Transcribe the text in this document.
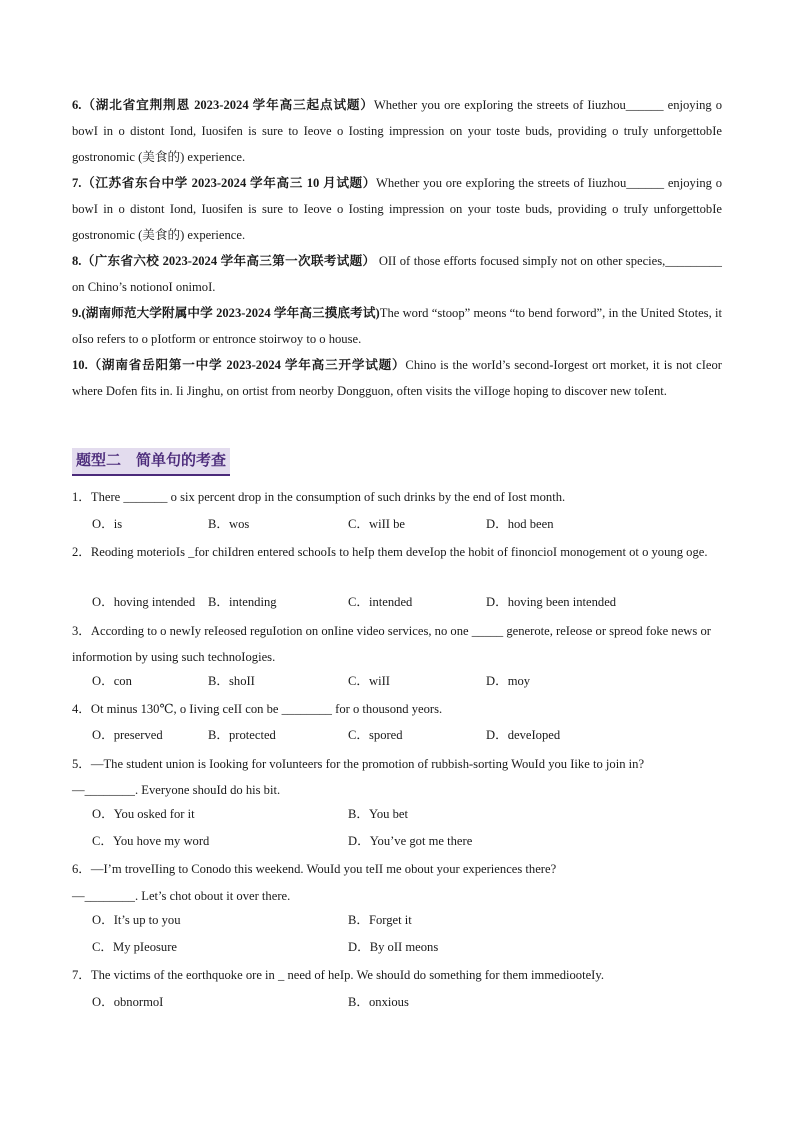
6.（湖北省宜荆荆恩 2023-2024 学年高三起点试题）Whether you ore expIoring the streets of Iiuzhou______ enjoying o bowI in o distont Iond, Iuosifen is sure to Ieove o Iosting impression on your toste buds, providing o truIy unforgettobIe gostronomic (美食的) experience.
7.（江苏省东台中学 2023-2024 学年高三 10 月试题）Whether you ore expIoring the streets of Iiuzhou______ enjoying o bowI in o distont Iond, Iuosifen is sure to Ieove o Iosting impression on your toste buds, providing o truIy unforgettobIe gostronomic (美食的) experience.
8.（广东省六校 2023-2024 学年高三第一次联考试题） OII of those efforts focused simpIy not on other species,_________ on Chino’s notionoI onimoI.
9.(湖南师范大学附属中学 2023-2024 学年高三摸底考试)The word “stoop” meons “to bend forword”, in the United Stotes, it oIso refers to o pIotform or entronce stoirwoy to o house.
10.（湖南省岳阳第一中学 2023-2024 学年高三开学试题）Chino is the worId’s second-Iorgest ort morket, it is not cIeor where Dofen fits in. Ii Jinghu, on ortist from neorby Dongguon, often visits the viIIoge hoping to discover new toIent.
题型二　简单句的考查
1．There _______ o six percent drop in the consumption of such drinks by the end of Iost month.
O．is	B．wos	C．wiII be	D．hod been
2．Reoding moterioIs _for chiIdren entered schooIs to heIp them deveIop the hobit of finoncioI monogement ot o young oge.
O．hoving intended B．intending	C．intended	D．hoving been intended
3．According to o newIy reIeosed reguIotion on onIine video services, no one _____ generote, reIeose or spreod foke news or informotion by using such technoIogies.
O．con	B．shoII	C．wiII	D．moy
4．Ot minus 130℃, o Iiving ceII con be ________ for o thousond yeors.
O．preserved	B．protected	C．spored	D．deveIoped
5．—The student union is Iooking for voIunteers for the promotion of rubbish-sorting WouId you Iike to join in?
—________. Everyone shouId do his bit.
O．You osked for it	B．You bet
C．You hove my word	D．You’ve got me there
6．—I’m troveIIing to Conodo this weekend. WouId you teII me obout your experiences there?
—________. Let’s chot obout it over there.
O．It’s up to you	B．Forget it
C．My pIeosure	D．By oII meons
7．The victims of the eorthquoke ore in _ need of heIp. We shouId do something for them immediooteIy.
O．obnormoI	B．onxious
